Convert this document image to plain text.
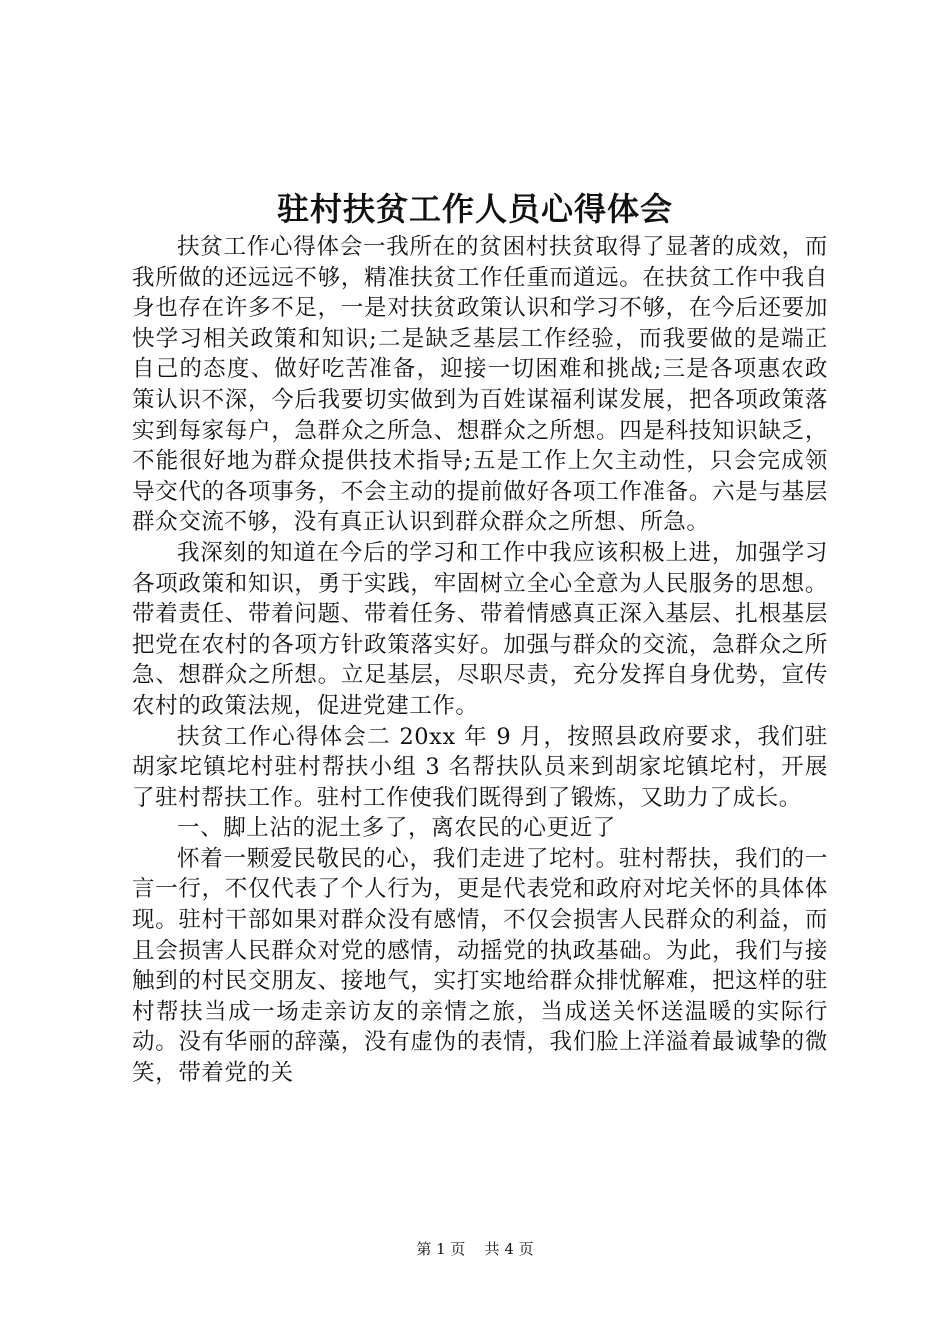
驻村扶贫工作人员心得体会

扶贫工作心得体会一我所在的贫困村扶贫取得了显著的成效，而我所做的还远远不够，精准扶贫工作任重而道远。在扶贫工作中我自身也存在许多不足，一是对扶贫政策认识和学习不够，在今后还要加快学习相关政策和知识;二是缺乏基层工作经验，而我要做的是端正自己的态度、做好吃苦准备，迎接一切困难和挑战;三是各项惠农政策认识不深，今后我要切实做到为百姓谋福利谋发展，把各项政策落实到每家每户，急群众之所急、想群众之所想。四是科技知识缺乏，不能很好地为群众提供技术指导;五是工作上欠主动性，只会完成领导交代的各项事务，不会主动的提前做好各项工作准备。六是与基层群众交流不够，没有真正认识到群众群众之所想、所急。

我深刻的知道在今后的学习和工作中我应该积极上进，加强学习各项政策和知识，勇于实践，牢固树立全心全意为人民服务的思想。带着责任、带着问题、带着任务、带着情感真正深入基层、扎根基层把党在农村的各项方针政策落实好。加强与群众的交流，急群众之所急、想群众之所想。立足基层，尽职尽责，充分发挥自身优势，宣传农村的政策法规，促进党建工作。

扶贫工作心得体会二 20xx 年 9 月，按照县政府要求，我们驻胡家坨镇坨村驻村帮扶小组 3 名帮扶队员来到胡家坨镇坨村，开展了驻村帮扶工作。驻村工作使我们既得到了锻炼，又助力了成长。

一、脚上沾的泥土多了，离农民的心更近了

怀着一颗爱民敬民的心，我们走进了坨村。驻村帮扶，我们的一言一行，不仅代表了个人行为，更是代表党和政府对坨关怀的具体体现。驻村干部如果对群众没有感情，不仅会损害人民群众的利益，而且会损害人民群众对党的感情，动摇党的执政基础。为此，我们与接触到的村民交朋友、接地气，实打实地给群众排忧解难，把这样的驻村帮扶当成一场走亲访友的亲情之旅，当成送关怀送温暖的实际行动。没有华丽的辞藻，没有虚伪的表情，我们脸上洋溢着最诚挚的微笑，带着党的关

第 1 页 共 4 页
